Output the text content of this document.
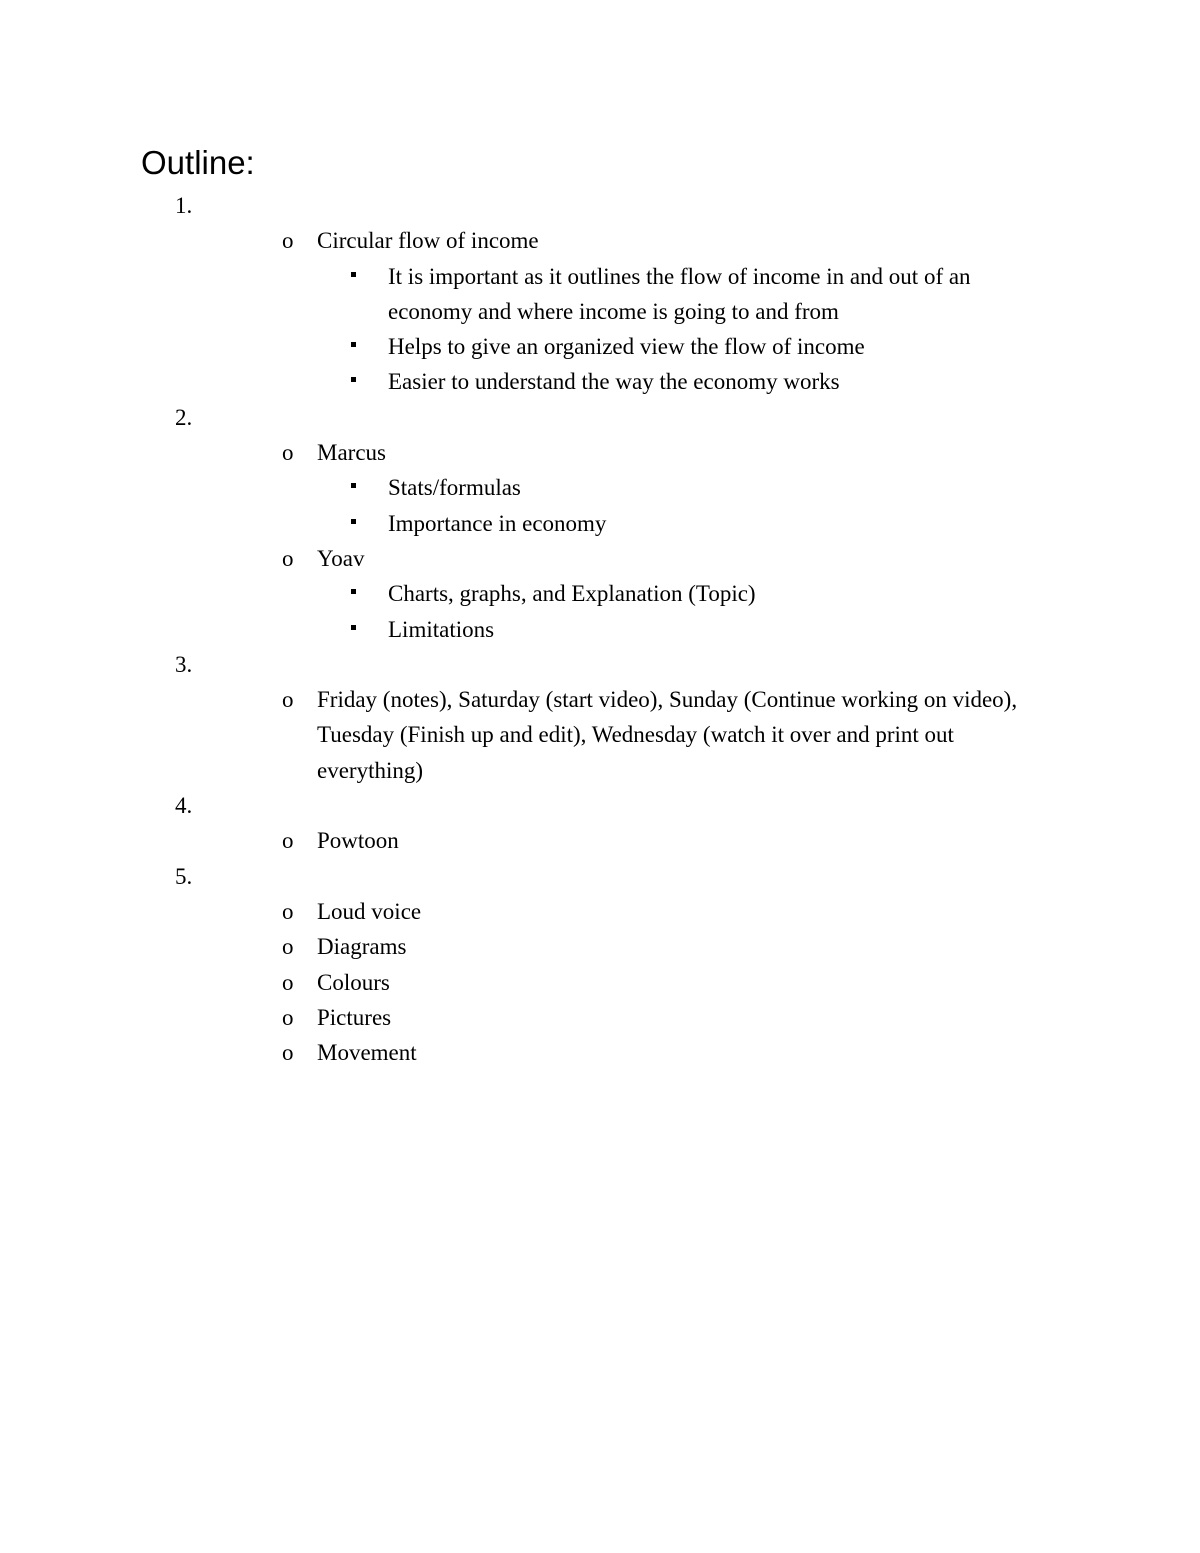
Outline:
1.
o Circular flow of income
It is important as it outlines the flow of income in and out of an economy and where income is going to and from
Helps to give an organized view the flow of income
Easier to understand the way the economy works
2.
o Marcus
Stats/formulas
Importance in economy
o Yoav
Charts, graphs, and Explanation (Topic)
Limitations
3.
o Friday (notes), Saturday (start video), Sunday (Continue working on video), Tuesday (Finish up and edit), Wednesday (watch it over and print out everything)
4.
o Powtoon
5.
o Loud voice
o Diagrams
o Colours
o Pictures
o Movement
